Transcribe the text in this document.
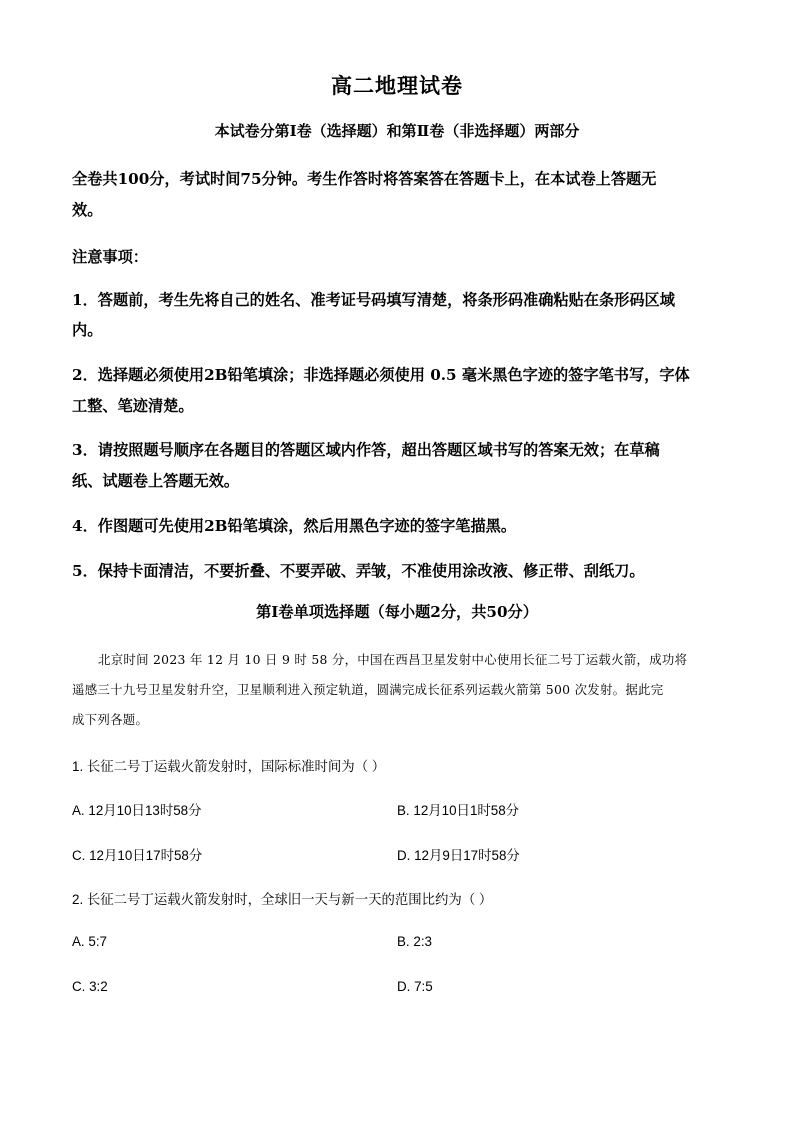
高二地理试卷
本试卷分第Ⅰ卷（选择题）和第Ⅱ卷（非选择题）两部分
全卷共100分，考试时间75分钟。考生作答时将答案答在答题卡上，在本试卷上答题无
效。
注意事项：
1．答题前，考生先将自己的姓名、准考证号码填写清楚，将条形码准确粘贴在条形码区域
内。
2．选择题必须使用2B铅笔填涂；非选择题必须使用 0.5 毫米黑色字迹的签字笔书写，字体
工整、笔迹清楚。
3．请按照题号顺序在各题目的答题区域内作答，超出答题区域书写的答案无效；在草稿
纸、试题卷上答题无效。
4．作图题可先使用2B铅笔填涂，然后用黑色字迹的签字笔描黑。
5．保持卡面清洁，不要折叠、不要弄破、弄皱，不准使用涂改液、修正带、刮纸刀。
第Ⅰ卷单项选择题（每小题2分，共50分）
北京时间 2023 年 12 月 10 日 9 时 58 分，中国在西昌卫星发射中心使用长征二号丁运载火箭，成功将
遥感三十九号卫星发射升空，卫星顺利进入预定轨道，圆满完成长征系列运载火箭第 500 次发射。据此完
成下列各题。
1. 长征二号丁运载火箭发射时，国际标准时间为（ ）
A. 12月10日13时58分	B. 12月10日1时58分
C. 12月10日17时58分	D. 12月9日17时58分
2. 长征二号丁运载火箭发射时，全球旧一天与新一天的范围比约为（ ）
A. 5:7	B. 2:3
C. 3:2	D. 7:5
